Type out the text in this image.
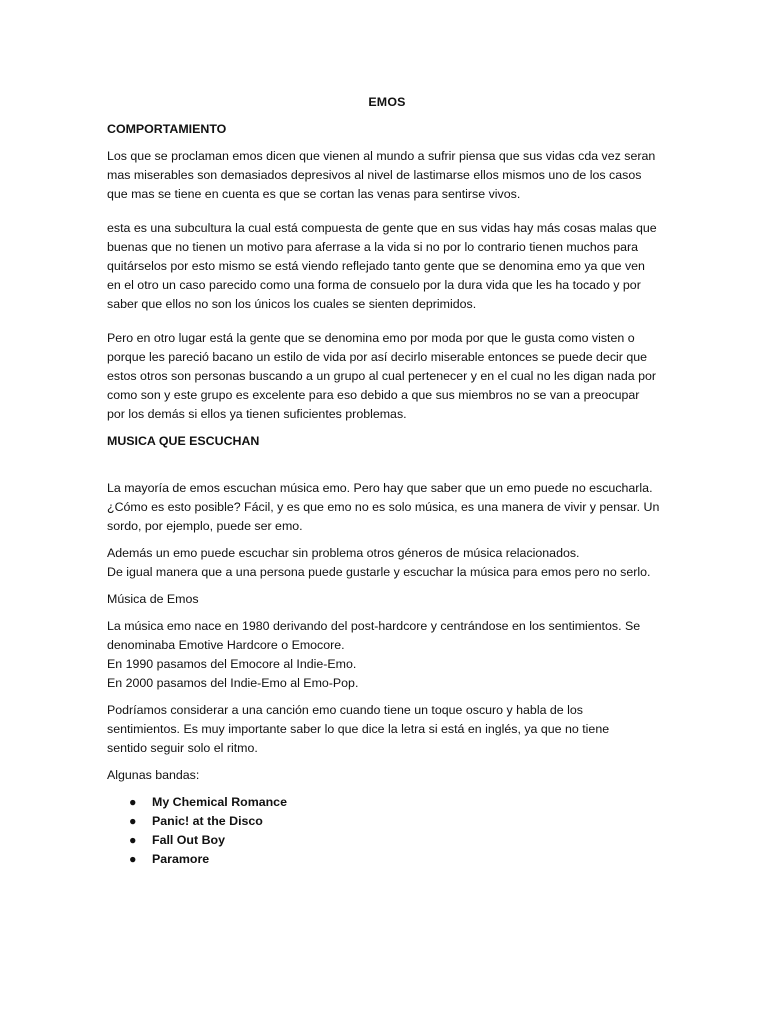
EMOS
COMPORTAMIENTO
Los que se proclaman emos dicen que vienen al mundo a sufrir piensa que sus vidas cda vez seran
mas miserables son demasiados depresivos al nivel de lastimarse ellos mismos uno de los casos
que mas se tiene en cuenta es que se cortan las venas para sentirse vivos.
esta es una subcultura la cual está compuesta de gente que en sus vidas hay más cosas malas que
buenas que no tienen un motivo para aferrase a la vida si no por lo contrario tienen muchos para
quitárselos por esto mismo se está viendo reflejado tanto gente que se denomina emo ya que ven
en el otro un caso parecido como una forma de consuelo por la dura vida que les ha tocado y por
saber que ellos no son los únicos los cuales se sienten deprimidos.
Pero en otro lugar está la gente que se denomina emo por moda por que le gusta como visten o
porque les pareció bacano un estilo de vida por así decirlo miserable entonces se puede decir que
estos otros son personas buscando a un grupo al cual pertenecer y en el cual no les digan nada por
como son y este grupo es excelente para eso debido a que sus miembros no se van a preocupar
por los demás si ellos ya tienen suficientes problemas.
MUSICA QUE ESCUCHAN
La mayoría de emos escuchan música emo. Pero hay que saber que un emo puede no escucharla.
¿Cómo es esto posible? Fácil, y es que emo no es solo música, es una manera de vivir y pensar. Un
sordo, por ejemplo, puede ser emo.
Además un emo puede escuchar sin problema otros géneros de música relacionados.
De igual manera que a una persona puede gustarle y escuchar la música para emos pero no serlo.
Música de Emos
La música emo nace en 1980 derivando del post-hardcore y centrándose en los sentimientos. Se
denominaba Emotive Hardcore o Emocore.
En 1990 pasamos del Emocore al Indie-Emo.
En 2000 pasamos del Indie-Emo al Emo-Pop.
Podríamos considerar a una canción emo cuando tiene un toque oscuro y habla de los
sentimientos. Es muy importante saber lo que dice la letra si está en inglés, ya que no tiene
sentido seguir solo el ritmo.
Algunas bandas:
● My Chemical Romance
● Panic! at the Disco
● Fall Out Boy
● Paramore
